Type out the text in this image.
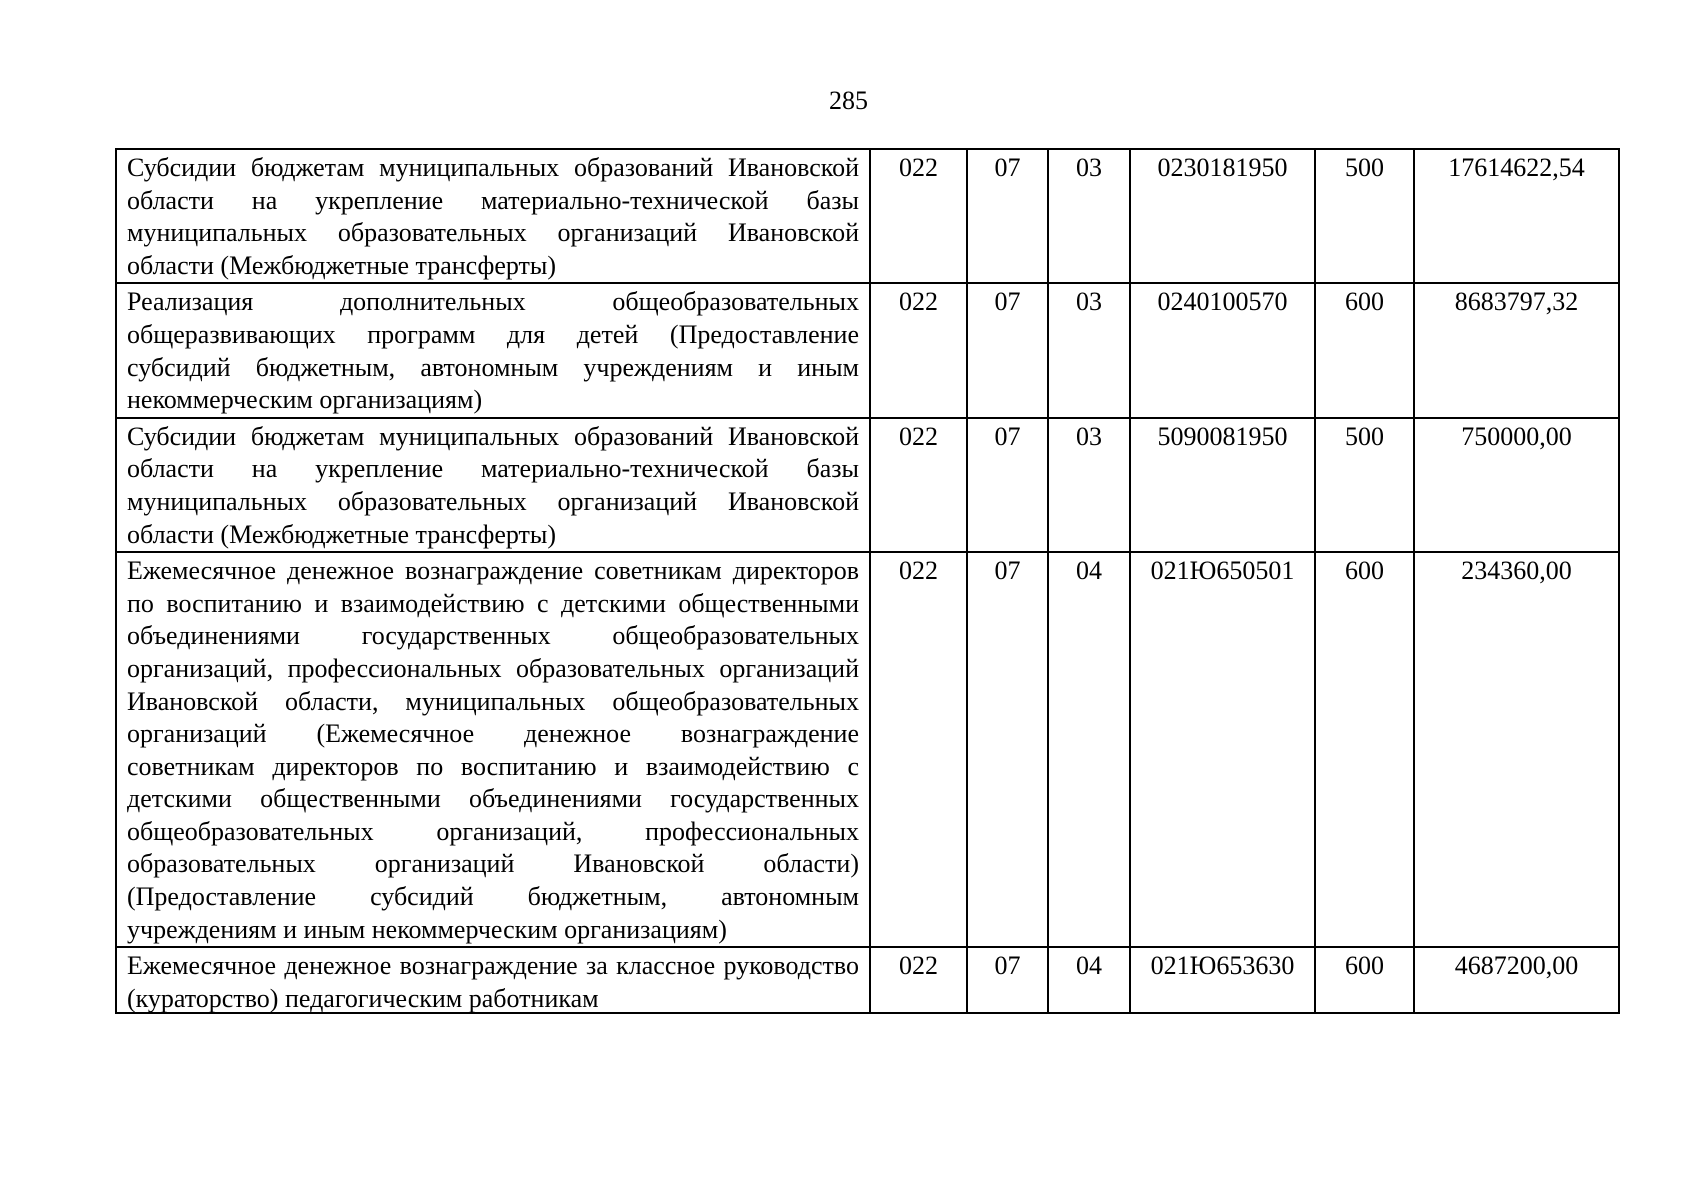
285
Субсидии бюджетам муниципальных образований Ивановской области на укрепление материально-технической базы муниципальных образовательных организаций Ивановской области (Межбюджетные трансферты)	022	07	03	0230181950	500	17614622,54
Реализация дополнительных общеобразовательных общеразвивающих программ для детей (Предоставление субсидий бюджетным, автономным учреждениям и иным некоммерческим организациям)	022	07	03	0240100570	600	8683797,32
Субсидии бюджетам муниципальных образований Ивановской области на укрепление материально-технической базы муниципальных образовательных организаций Ивановской области (Межбюджетные трансферты)	022	07	03	5090081950	500	750000,00
Ежемесячное денежное вознаграждение советникам директоров по воспитанию и взаимодействию с детскими общественными объединениями государственных общеобразовательных организаций, профессиональных образовательных организаций Ивановской области, муниципальных общеобразовательных организаций (Ежемесячное денежное вознаграждение советникам директоров по воспитанию и взаимодействию с детскими общественными объединениями государственных общеобразовательных организаций, профессиональных образовательных организаций Ивановской области) (Предоставление субсидий бюджетным, автономным учреждениям и иным некоммерческим организациям)	022	07	04	021Ю650501	600	234360,00

Ежемесячное денежное вознаграждение за классное руководство (кураторство) педагогическим работникам	022	07	04	021Ю653630	600	4687200,00
